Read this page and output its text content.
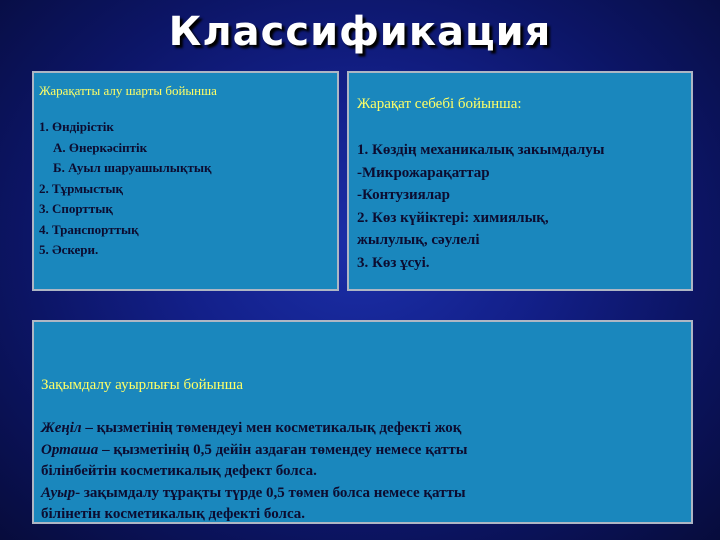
Классификация
Жарақатты алу шарты бойынша
1. Өндірістік
А. Өнеркәсіптік
Б. Ауыл шаруашылықтық
2. Тұрмыстық
3. Спорттық
4. Транспорттық
5. Әскери.
Жарақат себебі бойынша:
1. Көздің механикалық закымдалуы
-Микрожарақаттар
-Контузиялар
2. Көз күйіктері: химиялық,
жылулық, сәулелі
3. Көз ұсуі.
Зақымдалу ауырлығы бойынша
Жеңіл – қызметінің төмендеуі мен косметикалық дефекті жоқ
Орташа – қызметінің 0,5 дейін аздаған төмендеу немесе қатты
білінбейтін косметикалық дефект болса.
Ауыр- зақымдалу тұрақты түрде 0,5 төмен болса немесе қатты
білінетін косметикалық дефекті болса.
